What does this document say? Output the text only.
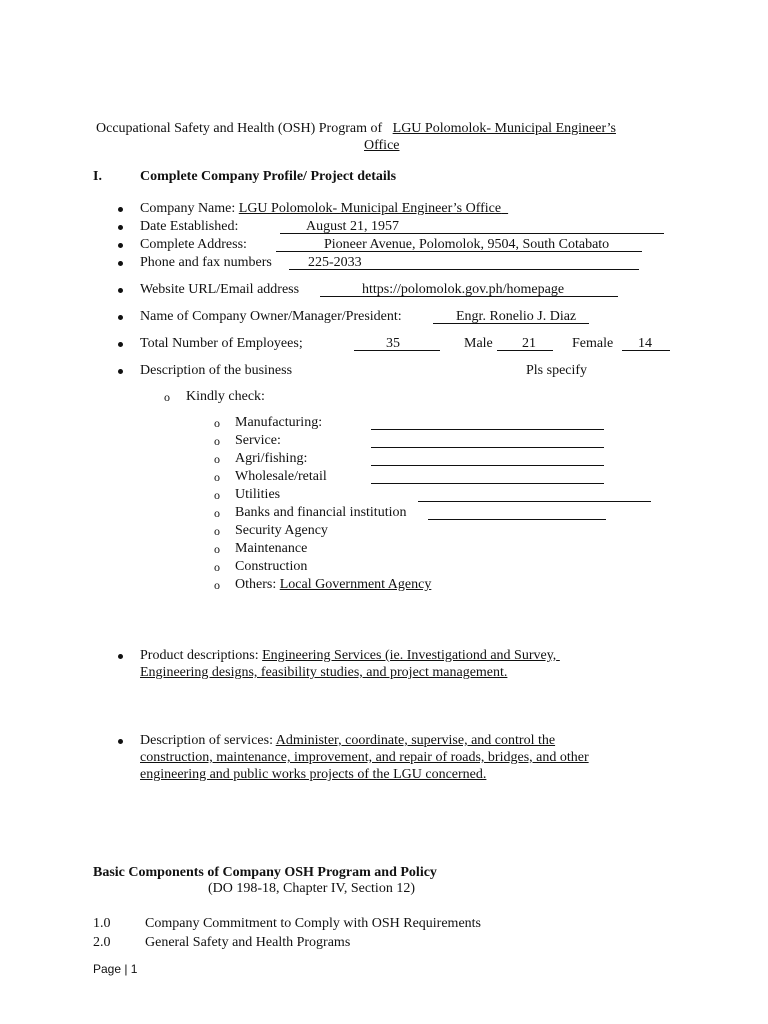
Occupational Safety and Health (OSH) Program of LGU Polomolok- Municipal Engineer’s
Office
I.	Complete Company Profile/ Project details
Company Name: LGU Polomolok- Municipal Engineer’s Office
Date Established:	August 21, 1957
Complete Address:	Pioneer Avenue, Polomolok, 9504, South Cotabato
Phone and fax numbers	225-2033
Website URL/Email address	https://polomolok.gov.ph/homepage
Name of Company Owner/Manager/President:	Engr. Ronelio J. Diaz
Total Number of Employees;	35	Male 21	Female 14
Description of the business	Pls specify
o Kindly check:
o Manufacturing:
o Service:
o Agri/fishing:
o Wholesale/retail
o Utilities
o Banks and financial institution
o Security Agency
o Maintenance
o Construction
o Others: Local Government Agency
Product descriptions: Engineering Services (ie. Investigationd and Survey,
Engineering designs, feasibility studies, and project management.
Description of services: Administer, coordinate, supervise, and control the
construction, maintenance, improvement, and repair of roads, bridges, and other
engineering and public works projects of the LGU concerned.
Basic Components of Company OSH Program and Policy
(DO 198-18, Chapter IV, Section 12)
1.0 Company Commitment to Comply with OSH Requirements
2.0 General Safety and Health Programs
Page | 1
